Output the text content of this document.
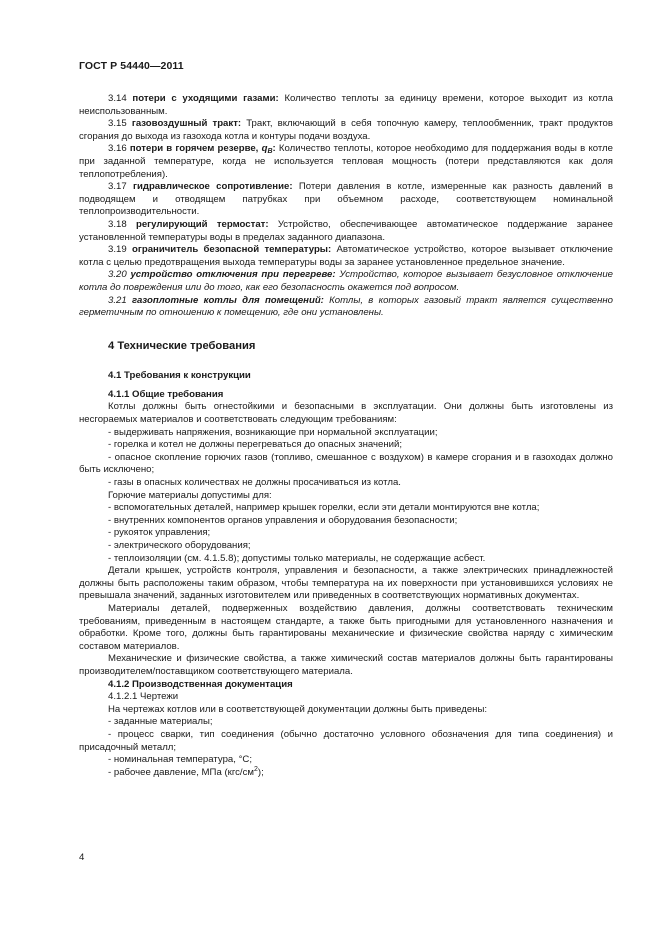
ГОСТ Р 54440—2011

3.14 потери с уходящими газами: Количество теплоты за единицу времени, которое выходит из котла неиспользованным.

3.15 газовоздушный тракт: Тракт, включающий в себя топочную камеру, теплообменник, тракт продуктов сгорания до выхода из газохода котла и контуры подачи воздуха.

3.16 потери в горячем резерве, $q_B$: Количество теплоты, которое необходимо для поддержания воды в котле при заданной температуре, когда не используется тепловая мощность (потери представляются как доля теплопотребления).

3.17 гидравлическое сопротивление: Потери давления в котле, измеренные как разность давлений в подводящем и отводящем патрубках при объемном расходе, соответствующем номинальной теплопроизводительности.

3.18 регулирующий термостат: Устройство, обеспечивающее автоматическое поддержание заранее установленной температуры воды в пределах заданного диапазона.

3.19 ограничитель безопасной температуры: Автоматическое устройство, которое вызывает отключение котла с целью предотвращения выхода температуры воды за заранее установленное предельное значение.

3.20 устройство отключения при перегреве: Устройство, которое вызывает безусловное отключение котла до повреждения или до того, как его безопасность окажется под вопросом.

3.21 газоплотные котлы для помещений: Котлы, в которых газовый тракт является существенно герметичным по отношению к помещению, где они установлены.

4 Технические требования
4.1 Требования к конструкции
4.1.1 Общие требования

Котлы должны быть огнестойкими и безопасными в эксплуатации. Они должны быть изготовлены из несгораемых материалов и соответствовать следующим требованиям:

- выдерживать напряжения, возникающие при нормальной эксплуатации;

- горелка и котел не должны перегреваться до опасных значений;

- опасное скопление горючих газов (топливо, смешанное с воздухом) в камере сгорания и в газоходах должно быть исключено;

- газы в опасных количествах не должны просачиваться из котла.

Горючие материалы допустимы для:

- вспомогательных деталей, например крышек горелки, если эти детали монтируются вне котла;

- внутренних компонентов органов управления и оборудования безопасности;

- рукояток управления;

- электрического оборудования;

- теплоизоляции (см. 4.1.5.8); допустимы только материалы, не содержащие асбест.

Детали крышек, устройств контроля, управления и безопасности, а также электрических принадлежностей должны быть расположены таким образом, чтобы температура на их поверхности при установившихся условиях не превышала значений, заданных изготовителем или приведенных в соответствующих нормативных документах.

Материалы деталей, подверженных воздействию давления, должны соответствовать техническим требованиям, приведенным в настоящем стандарте, а также быть пригодными для установленного назначения и обработки. Кроме того, должны быть гарантированы механические и физические свойства наряду с химическим составом материалов.

Механические и физические свойства, а также химический состав материалов должны быть гарантированы производителем/поставщиком соответствующего материала.

4.1.2 Производственная документация

4.1.2.1 Чертежи

На чертежах котлов или в соответствующей документации должны быть приведены:

- заданные материалы;

- процесс сварки, тип соединения (обычно достаточно условного обозначения для типа соединения) и присадочный металл;

- номинальная температура, °С;

- рабочее давление, МПа $(кгс/см^2)$;

4
